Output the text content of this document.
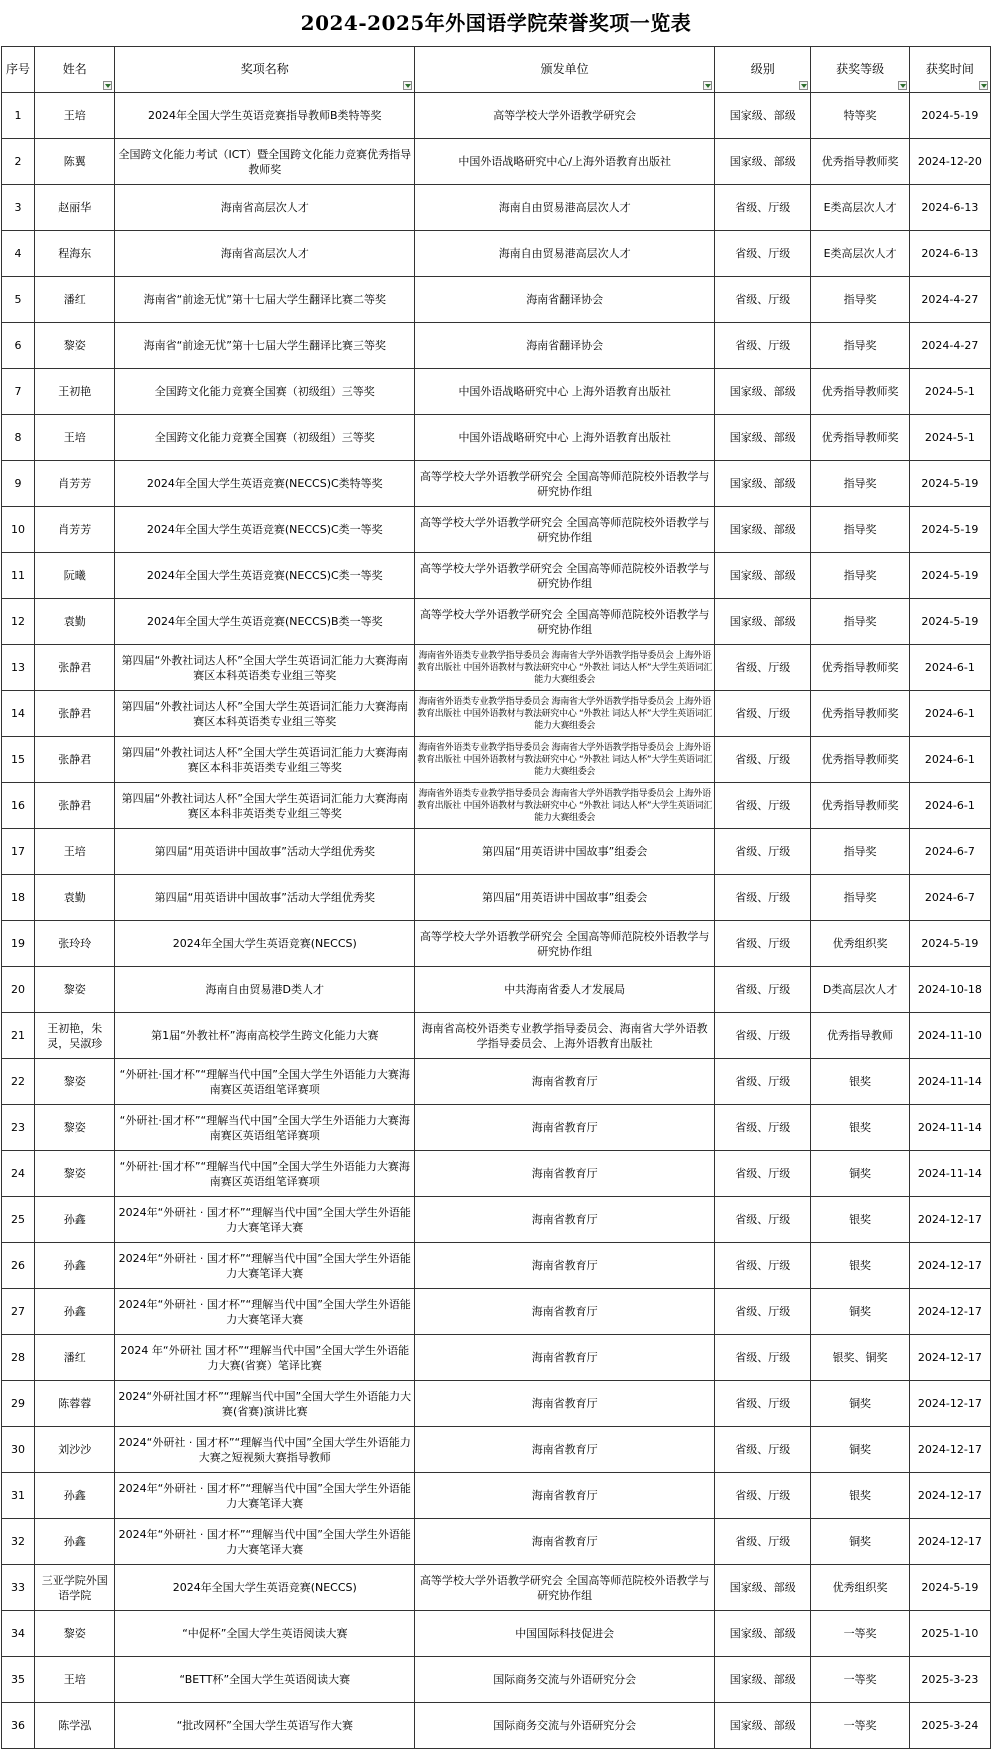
2024-2025年外国语学院荣誉奖项一览表
序号	姓名	奖项名称	颁发单位	级别	获奖等级	获奖时间

1	王培	2024年全国大学生英语竞赛指导教师B类特等奖	高等学校大学外语教学研究会	国家级、部级	特等奖	2024-5-19
2	陈翼	全国跨文化能力考试（ICT）暨全国跨文化能力竞赛优秀指导教师奖	中国外语战略研究中心/上海外语教育出版社	国家级、部级	优秀指导教师奖	2024-12-20
3	赵丽华	海南省高层次人才	海南自由贸易港高层次人才	省级、厅级	E类高层次人才	2024-6-13
4	程海东	海南省高层次人才	海南自由贸易港高层次人才	省级、厅级	E类高层次人才	2024-6-13
5	潘红	海南省“前途无忧”第十七届大学生翻译比赛二等奖	海南省翻译协会	省级、厅级	指导奖	2024-4-27
6	黎姿	海南省“前途无忧”第十七届大学生翻译比赛三等奖	海南省翻译协会	省级、厅级	指导奖	2024-4-27
7	王初艳	全国跨文化能力竞赛全国赛（初级组）三等奖	中国外语战略研究中心 上海外语教育出版社	国家级、部级	优秀指导教师奖	2024-5-1
8	王培	全国跨文化能力竞赛全国赛（初级组）三等奖	中国外语战略研究中心 上海外语教育出版社	国家级、部级	优秀指导教师奖	2024-5-1
9	肖芳芳	2024年全国大学生英语竞赛(NECCS)C类特等奖	高等学校大学外语教学研究会 全国高等师范院校外语教学与研究协作组	国家级、部级	指导奖	2024-5-19
10	肖芳芳	2024年全国大学生英语竞赛(NECCS)C类一等奖	高等学校大学外语教学研究会 全国高等师范院校外语教学与研究协作组	国家级、部级	指导奖	2024-5-19
11	阮曦	2024年全国大学生英语竞赛(NECCS)C类一等奖	高等学校大学外语教学研究会 全国高等师范院校外语教学与研究协作组	国家级、部级	指导奖	2024-5-19
12	袁勤	2024年全国大学生英语竞赛(NECCS)B类一等奖	高等学校大学外语教学研究会 全国高等师范院校外语教学与研究协作组	国家级、部级	指导奖	2024-5-19
13	张静君	第四届“外教社词达人杯”全国大学生英语词汇能力大赛海南赛区本科英语类专业组三等奖	海南省外语类专业教学指导委员会 海南省大学外语教学指导委员会 上海外语教育出版社 中国外语教材与教法研究中心 “外教社 词达人杯”大学生英语词汇能力大赛组委会	省级、厅级	优秀指导教师奖	2024-6-1
14	张静君	第四届“外教社词达人杯”全国大学生英语词汇能力大赛海南赛区本科英语类专业组三等奖	海南省外语类专业教学指导委员会 海南省大学外语教学指导委员会 上海外语教育出版社 中国外语教材与教法研究中心 “外教社 词达人杯”大学生英语词汇能力大赛组委会	省级、厅级	优秀指导教师奖	2024-6-1
15	张静君	第四届“外教社词达人杯”全国大学生英语词汇能力大赛海南赛区本科非英语类专业组三等奖	海南省外语类专业教学指导委员会 海南省大学外语教学指导委员会 上海外语教育出版社 中国外语教材与教法研究中心 “外教社 词达人杯”大学生英语词汇能力大赛组委会	省级、厅级	优秀指导教师奖	2024-6-1
16	张静君	第四届“外教社词达人杯”全国大学生英语词汇能力大赛海南赛区本科非英语类专业组三等奖	海南省外语类专业教学指导委员会 海南省大学外语教学指导委员会 上海外语教育出版社 中国外语教材与教法研究中心 “外教社 词达人杯”大学生英语词汇能力大赛组委会	省级、厅级	优秀指导教师奖	2024-6-1
17	王培	第四届“用英语讲中国故事”活动大学组优秀奖	第四届“用英语讲中国故事”组委会	省级、厅级	指导奖	2024-6-7
18	袁勤	第四届“用英语讲中国故事”活动大学组优秀奖	第四届“用英语讲中国故事”组委会	省级、厅级	指导奖	2024-6-7
19	张玲玲	2024年全国大学生英语竞赛(NECCS)	高等学校大学外语教学研究会 全国高等师范院校外语教学与研究协作组	省级、厅级	优秀组织奖	2024-5-19
20	黎姿	海南自由贸易港D类人才	中共海南省委人才发展局	省级、厅级	D类高层次人才	2024-10-18
21	王初艳，朱灵，吴淑珍	第1届“外教社杯”海南高校学生跨文化能力大赛	海南省高校外语类专业教学指导委员会、海南省大学外语教学指导委员会、上海外语教育出版社	省级、厅级	优秀指导教师	2024-11-10
22	黎姿	“外研社·国才杯”“理解当代中国”全国大学生外语能力大赛海南赛区英语组笔译赛项	海南省教育厅	省级、厅级	银奖	2024-11-14
23	黎姿	“外研社·国才杯”“理解当代中国”全国大学生外语能力大赛海南赛区英语组笔译赛项	海南省教育厅	省级、厅级	银奖	2024-11-14
24	黎姿	“外研社·国才杯”“理解当代中国”全国大学生外语能力大赛海南赛区英语组笔译赛项	海南省教育厅	省级、厅级	铜奖	2024-11-14
25	孙鑫	2024年“外研社 · 国才杯”“理解当代中国”全国大学生外语能力大赛笔译大赛	海南省教育厅	省级、厅级	银奖	2024-12-17
26	孙鑫	2024年“外研社 · 国才杯”“理解当代中国”全国大学生外语能力大赛笔译大赛	海南省教育厅	省级、厅级	银奖	2024-12-17
27	孙鑫	2024年“外研社 · 国才杯”“理解当代中国”全国大学生外语能力大赛笔译大赛	海南省教育厅	省级、厅级	铜奖	2024-12-17
28	潘红	2024 年“外研社 国才杯”“理解当代中国”全国大学生外语能力大赛(省赛）笔译比赛	海南省教育厅	省级、厅级	银奖、铜奖	2024-12-17
29	陈蓉蓉	2024“外研社国才杯”“理解当代中国”全国大学生外语能力大赛(省赛)演讲比赛	海南省教育厅	省级、厅级	铜奖	2024-12-17
30	刘沙沙	2024“外研社 · 国才杯”“理解当代中国”全国大学生外语能力大赛之短视频大赛指导教师	海南省教育厅	省级、厅级	铜奖	2024-12-17
31	孙鑫	2024年“外研社 · 国才杯”“理解当代中国”全国大学生外语能力大赛笔译大赛	海南省教育厅	省级、厅级	银奖	2024-12-17
32	孙鑫	2024年“外研社 · 国才杯”“理解当代中国”全国大学生外语能力大赛笔译大赛	海南省教育厅	省级、厅级	铜奖	2024-12-17
33	三亚学院外国语学院	2024年全国大学生英语竞赛(NECCS)	高等学校大学外语教学研究会 全国高等师范院校外语教学与研究协作组	国家级、部级	优秀组织奖	2024-5-19
34	黎姿	“中促杯”全国大学生英语阅读大赛	中国国际科技促进会	国家级、部级	一等奖	2025-1-10
35	王培	“BETT杯”全国大学生英语阅读大赛	国际商务交流与外语研究分会	国家级、部级	一等奖	2025-3-23
36	陈学泓	“批改网杯”全国大学生英语写作大赛	国际商务交流与外语研究分会	国家级、部级	一等奖	2025-3-24
